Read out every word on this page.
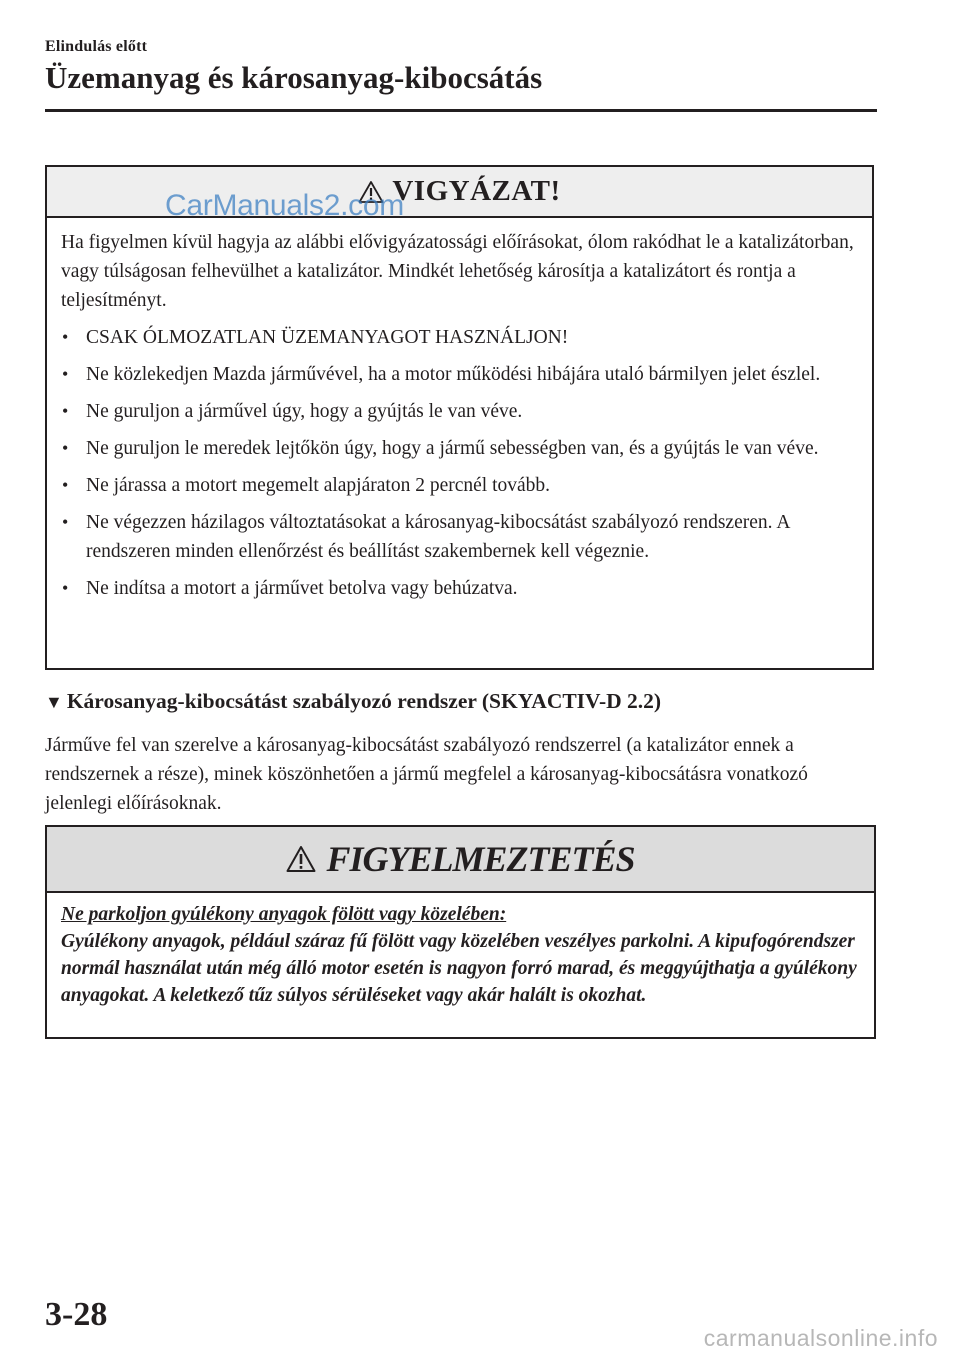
Elindulás előtt
Üzemanyag és károsanyag-kibocsátás
VIGYÁZAT!
CarManuals2.com

Ha figyelmen kívül hagyja az alábbi elővigyázatossági előírásokat, ólom rakódhat le a katalizátorban, vagy túlságosan felhevülhet a katalizátor. Mindkét lehetőség károsítja a katalizátort és rontja a teljesítményt.

• CSAK ÓLMOZATLAN ÜZEMANYAGOT HASZNÁLJON!
• Ne közlekedjen Mazda járművével, ha a motor működési hibájára utaló bármilyen jelet észlel.
• Ne guruljon a járművel úgy, hogy a gyújtás le van véve.
• Ne guruljon le meredek lejtőkön úgy, hogy a jármű sebességben van, és a gyújtás le van véve.
• Ne járassa a motort megemelt alapjáraton 2 percnél tovább.
• Ne végezzen házilagos változtatásokat a károsanyag-kibocsátást szabályozó rendszeren. A rendszeren minden ellenőrzést és beállítást szakembernek kell végeznie.
• Ne indítsa a motort a járművet betolva vagy behúzatva.
▼ Károsanyag-kibocsátást szabályozó rendszer (SKYACTIV-D 2.2)

Járműve fel van szerelve a károsanyag-kibocsátást szabályozó rendszerrel (a katalizátor ennek a rendszernek a része), minek köszönhetően a jármű megfelel a károsanyag-kibocsátásra vonatkozó jelenlegi előírásoknak.

FIGYELMEZTETÉS
Ne parkoljon gyúlékony anyagok fölött vagy közelében:
Gyúlékony anyagok, például száraz fű fölött vagy közelében veszélyes parkolni. A kipufogórendszer normál használat után még álló motor esetén is nagyon forró marad, és meggyújthatja a gyúlékony anyagokat. A keletkező tűz súlyos sérüléseket vagy akár halált is okozhat.
3-28
carmanualsonline.info
